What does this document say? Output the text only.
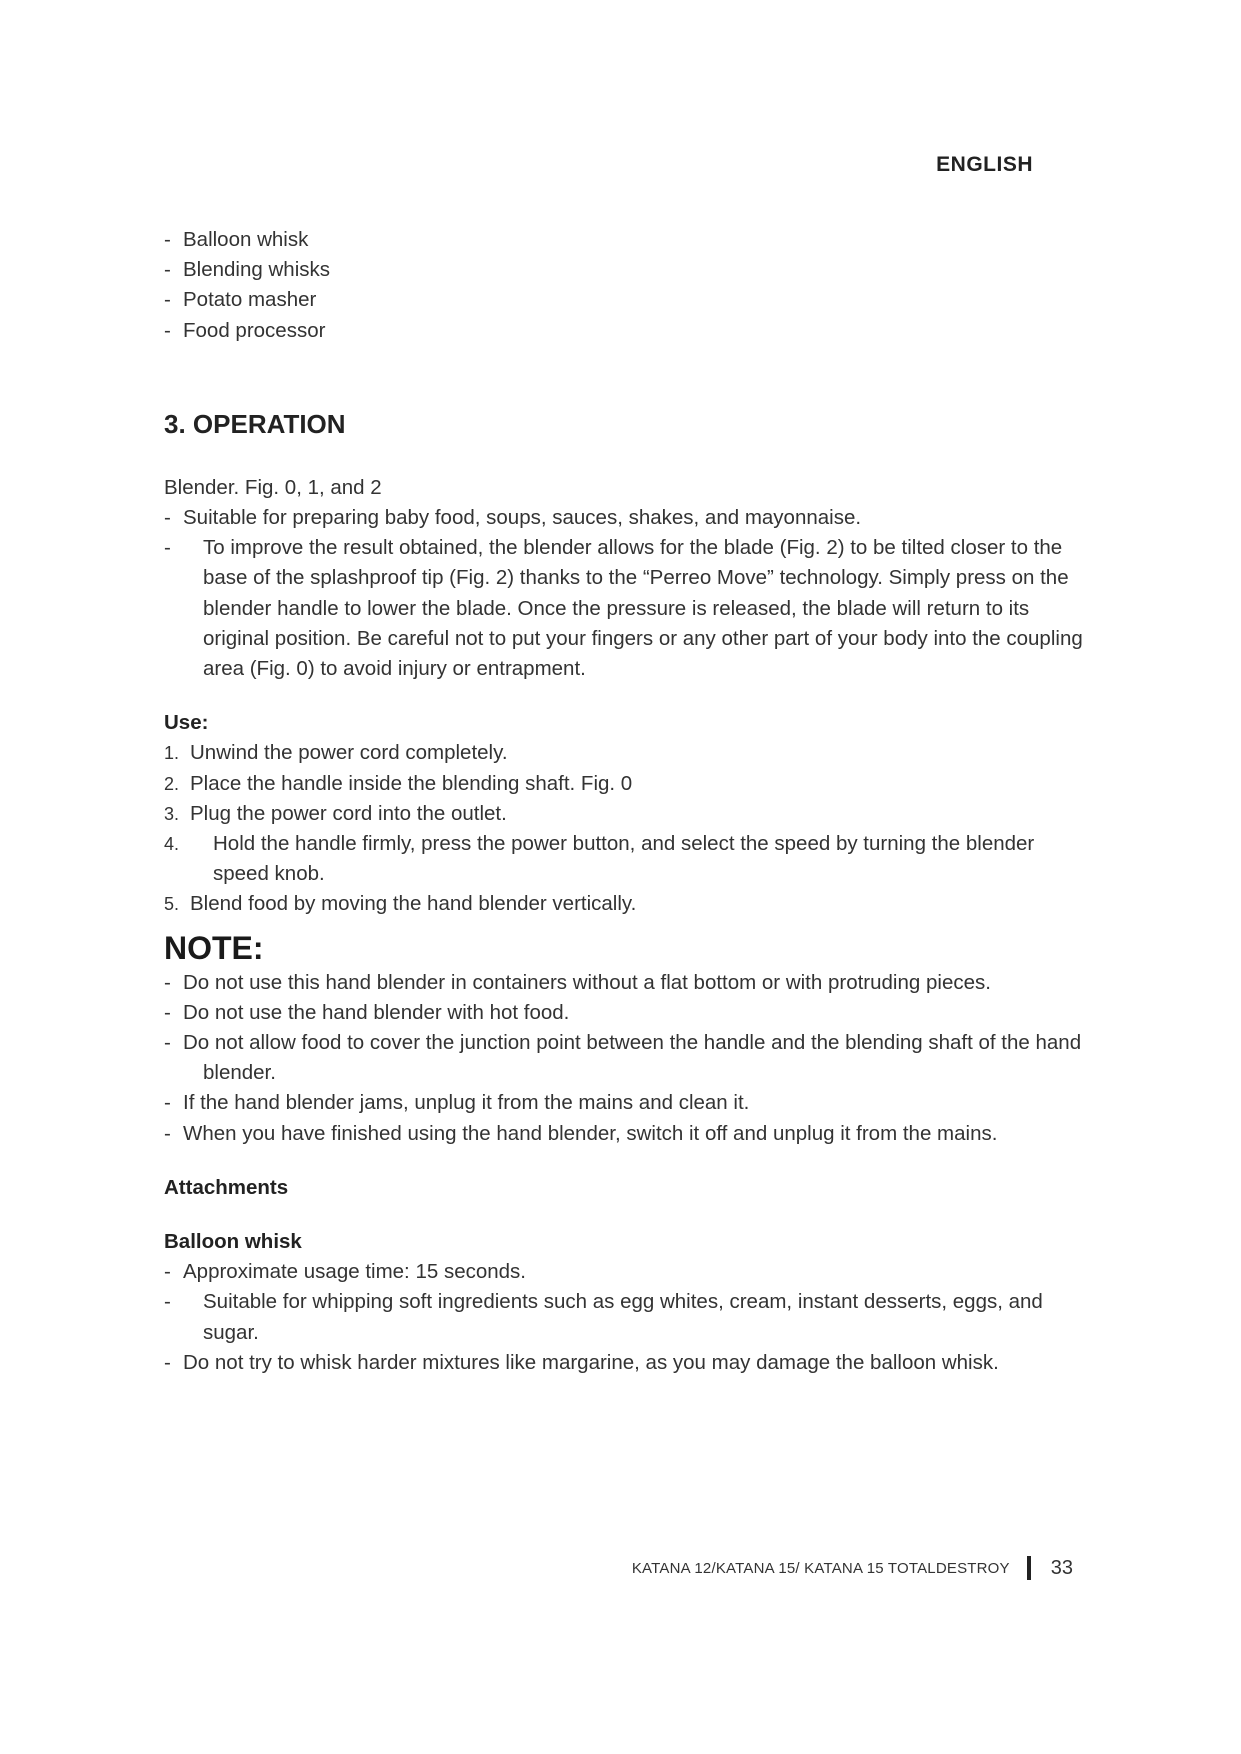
ENGLISH
- Balloon whisk
- Blending whisks
- Potato masher
- Food processor
3. OPERATION
Blender. Fig. 0, 1, and 2
- Suitable for preparing baby food, soups, sauces, shakes, and mayonnaise.
- To improve the result obtained, the blender allows for the blade (Fig. 2) to be tilted closer to the base of the splashproof tip (Fig. 2) thanks to the “Perreo Move” technology. Simply press on the blender handle to lower the blade. Once the pressure is released, the blade will return to its original position. Be careful not to put your fingers or any other part of your body into the coupling area (Fig. 0) to avoid injury or entrapment.
Use:
1. Unwind the power cord completely.
2. Place the handle inside the blending shaft. Fig. 0
3. Plug the power cord into the outlet.
4. Hold the handle firmly, press the power button, and select the speed by turning the blender speed knob.
5. Blend food by moving the hand blender vertically.
NOTE:
- Do not use this hand blender in containers without a flat bottom or with protruding pieces.
- Do not use the hand blender with hot food.
- Do not allow food to cover the junction point between the handle and the blending shaft of the hand blender.
- If the hand blender jams, unplug it from the mains and clean it.
- When you have finished using the hand blender, switch it off and unplug it from the mains.
Attachments
Balloon whisk
- Approximate usage time: 15 seconds.
- Suitable for whipping soft ingredients such as egg whites, cream, instant desserts, eggs, and sugar.
- Do not try to whisk harder mixtures like margarine, as you may damage the balloon whisk.
KATANA 12/KATANA 15/ KATANA 15 TOTALDESTROY 33
